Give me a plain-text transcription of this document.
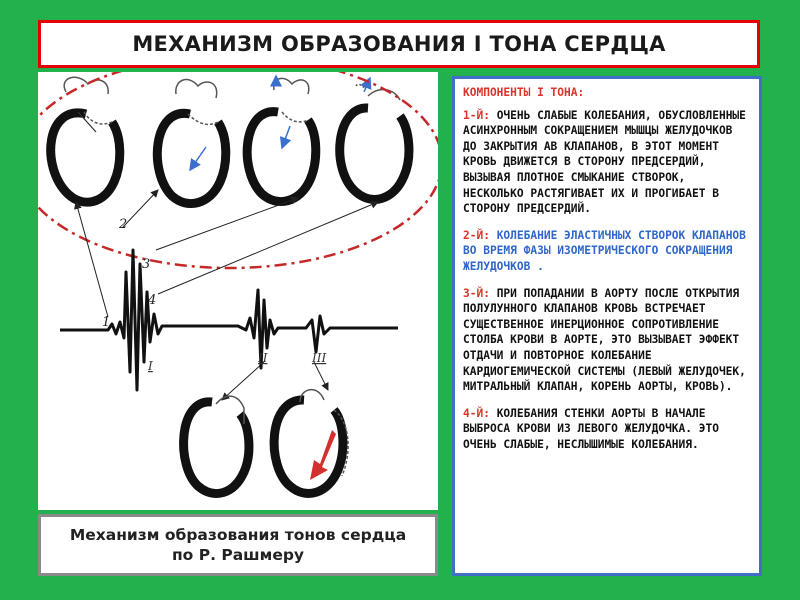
МЕХАНИЗМ ОБРАЗОВАНИЯ I ТОНА СЕРДЦА
1
2
3
4
I
II	III
Механизм образования тонов сердца
по Р. Рашмеру

КОМПОНЕНТЫ I ТОНА:

1-Й: ОЧЕНЬ СЛАБЫЕ КОЛЕБАНИЯ, ОБУСЛОВЛЕННЫЕ АСИНХРОННЫМ СОКРАЩЕНИЕМ МЫШЦЫ ЖЕЛУДОЧКОВ ДО ЗАКРЫТИЯ АВ КЛАПАНОВ, В ЭТОТ МОМЕНТ КРОВЬ ДВИЖЕТСЯ В СТОРОНУ ПРЕДСЕРДИЙ, ВЫЗЫВАЯ ПЛОТНОЕ СМЫКАНИЕ СТВОРОК, НЕСКОЛЬКО РАСТЯГИВАЕТ ИХ И ПРОГИБАЕТ В СТОРОНУ ПРЕДСЕРДИЙ.

2-Й: КОЛЕБАНИЕ ЭЛАСТИЧНЫХ СТВОРОК КЛАПАНОВ ВО ВРЕМЯ ФАЗЫ ИЗОМЕТРИЧЕСКОГО СОКРАЩЕНИЯ ЖЕЛУДОЧКОВ .

3-Й: ПРИ ПОПАДАНИИ В АОРТУ ПОСЛЕ ОТКРЫТИЯ ПОЛУЛУННОГО КЛАПАНОВ КРОВЬ ВСТРЕЧАЕТ СУЩЕСТВЕННОЕ ИНЕРЦИОННОЕ СОПРОТИВЛЕНИЕ СТОЛБА КРОВИ В АОРТЕ, ЭТО ВЫЗЫВАЕТ ЭФФЕКТ ОТДАЧИ И ПОВТОРНОЕ КОЛЕБАНИЕ КАРДИОГЕМИЧЕСКОЙ СИСТЕМЫ (ЛЕВЫЙ ЖЕЛУДОЧЕК, МИТРАЛЬНЫЙ КЛАПАН, КОРЕНЬ АОРТЫ, КРОВЬ).

4-Й: КОЛЕБАНИЯ СТЕНКИ АОРТЫ В НАЧАЛЕ ВЫБРОСА КРОВИ ИЗ ЛЕВОГО ЖЕЛУДОЧКА. ЭТО ОЧЕНЬ СЛАБЫЕ, НЕСЛЫШИМЫЕ КОЛЕБАНИЯ.
